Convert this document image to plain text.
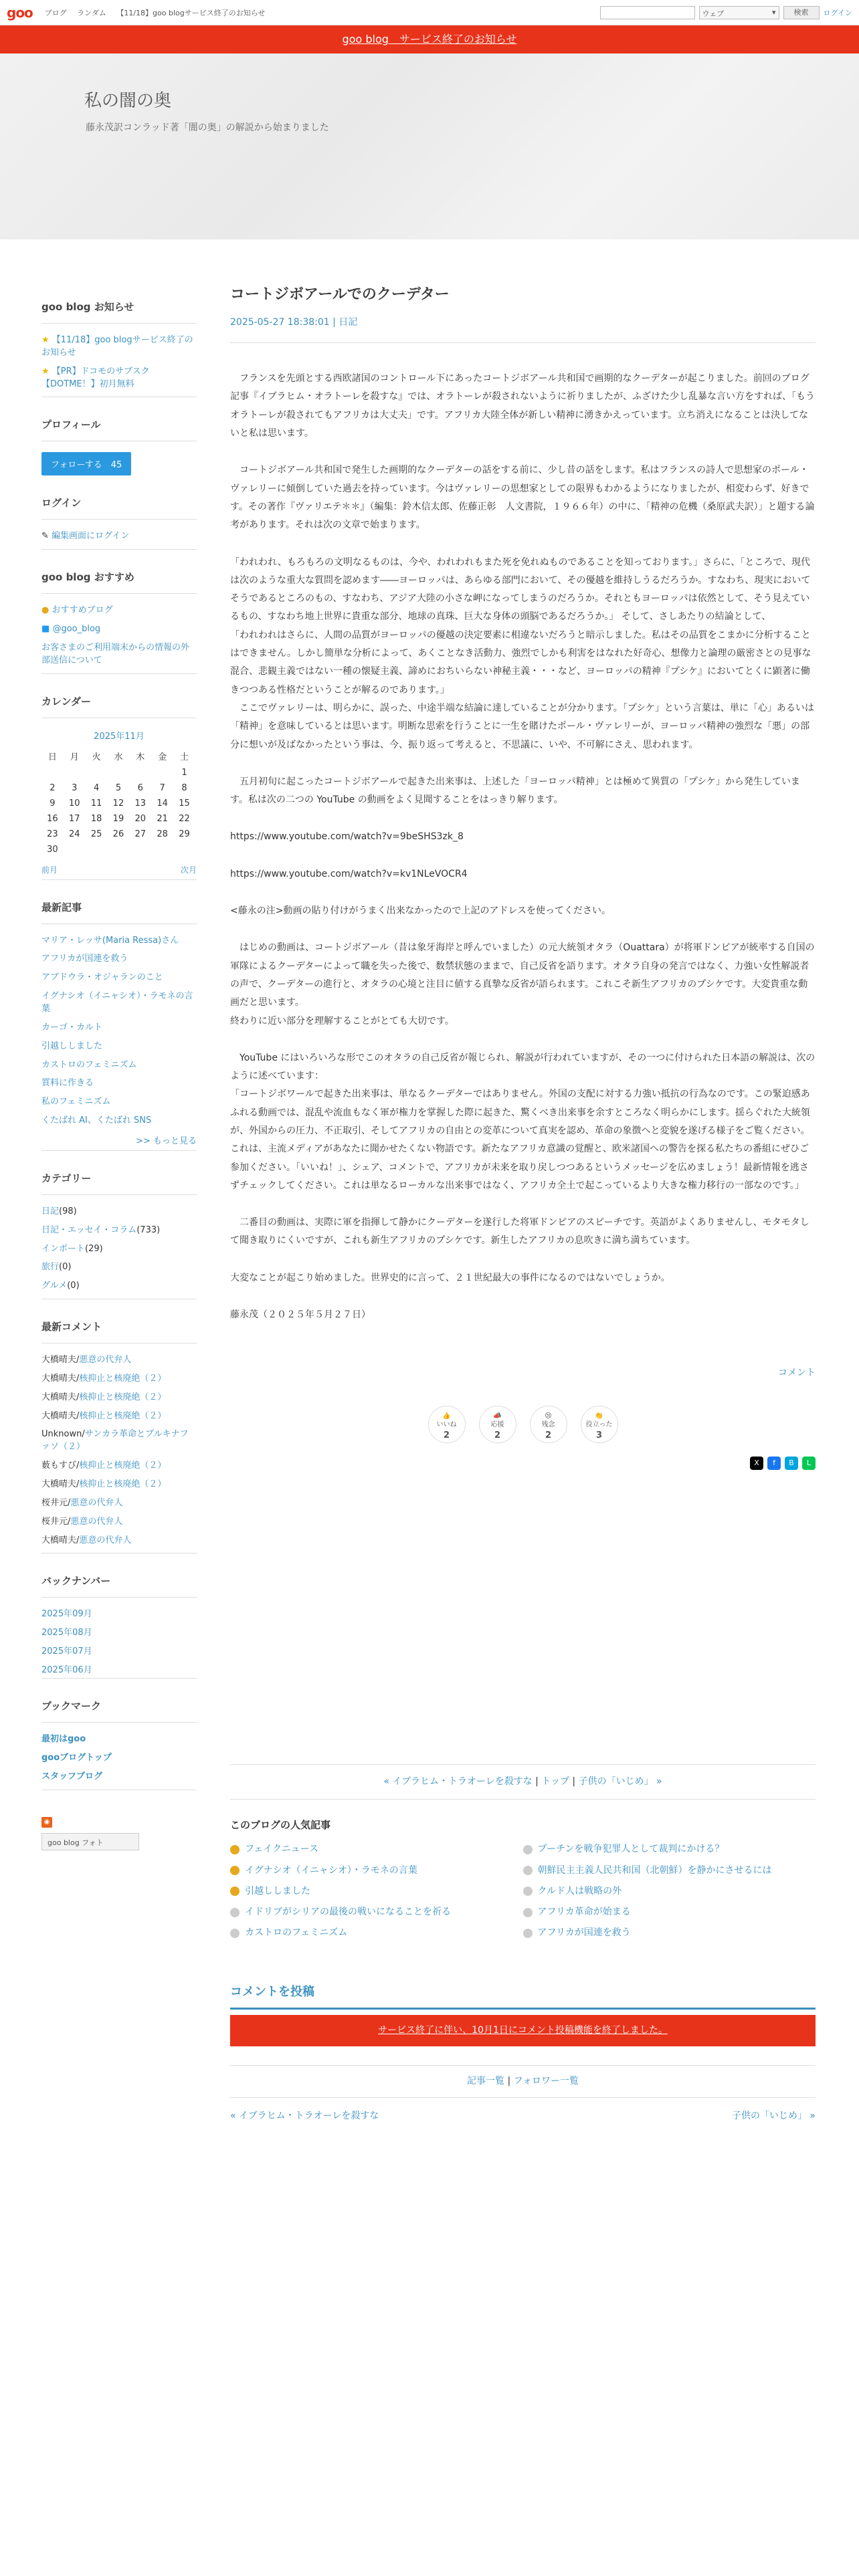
goo ブログ ランダム 【11/18】goo blogサービス終了のお知らせ	ウェブ	▾	検索	ログイン
goo blog　サービス終了のお知らせ
私の闇の奥

藤永茂訳コンラッド著「闇の奥」の解説から始まりました

goo blog お知らせ
★ 【11/18】goo blogサービス終了のお知らせ
★ 【PR】ドコモのサブスク【DOTME！】初月無料
プロフィール
フォローする　45
ログイン
✎ 編集画面にログイン
goo blog おすすめ
● おすすめブログ
■ @goo_blog
お客さまのご利用端末からの情報の外部送信について
カレンダー
2025年11月
日	月	火	水	木	金	土
						1
2	3	4	5	6	7	8
9	10	11	12	13	14	15
16	17	18	19	20	21	22
23	24	25	26	27	28	29
30						
前月	次月
最新記事
マリア・レッサ(Maria Ressa)さん
アフリカが国連を救う
アブドウラ・オジャランのこと
イグナシオ（イニャシオ）・ラモネの言葉
カーゴ・カルト
引越ししました
カストロのフェミニズム
質料に作きる
私のフェミニズム
くたばれ AI、くたばれ SNS
>> もっと見る
カテゴリー
日記(98)
日記・エッセイ・コラム(733)
インポート(29)
旅行(0)
グルメ(0)
最新コメント
大橋晴夫/悪意の代弁人
大橋晴夫/核抑止と核廃絶（２）
大橋晴夫/核抑止と核廃絶（２）
大橋晴夫/核抑止と核廃絶（２）
Unknown/サンカラ革命とブルキナファソ（２）
薮もすび/核抑止と核廃絶（２）
大橋晴夫/核抑止と核廃絶（２）
桜井元/悪意の代弁人
桜井元/悪意の代弁人
大橋晴夫/悪意の代弁人
バックナンバー
2025年09月
2025年08月
2025年07月
2025年06月
ブックマーク
最初はgoo
gooブログトップ
スタッフブログ
◉
goo blog フォト
コートジボアールでのクーデター
2025-05-27 18:38:01 | 日記

　フランスを先頭とする西欧諸国のコントロール下にあったコートジボアール共和国で画期的なクーデターが起こりました。前回のブログ記事『イブラヒム・オラトーレを殺すな』では、オラトーレが殺されないように祈りましたが、ふざけた少し乱暴な言い方をすれば、「もうオラトーレが殺されてもアフリカは大丈夫」です。アフリカ大陸全体が新しい精神に湧きかえっています。立ち消えになることは決してないと私は思います。

　コートジボアール共和国で発生した画期的なクーデターの話をする前に、少し昔の話をします。私はフランスの詩人で思想家のポール・ヴァレリーに傾倒していた過去を持っています。今はヴァレリーの思想家としての限界もわかるようになりましたが、相変わらず、好きです。その著作『ヴァリエテ＊＊』（編集：鈴木信太郎、佐藤正彰　人文書院，１９６６年）の中に、「精神の危機（桑原武夫訳）」と題する論考があります。それは次の文章で始まります。

「われわれ、もろもろの文明なるものは、今や、われわれもまた死を免れぬものであることを知っております。」さらに、「ところで、現代は次のような重大な質問を認めます――ヨーロッパは、あらゆる部門において、その優越を維持しうるだろうか。すなわち、現実においてそうであるところのもの、すなわち、アジア大陸の小さな岬になってしまうのだろうか。それともヨーロッパは依然として、そう見えているもの、すなわち地上世界に貴重な部分、地球の真珠、巨大な身体の頭脳であるだろうか。」 そして、さしあたりの結論として、
「われわれはさらに、人間の品質がヨーロッパの優越の決定要素に相違ないだろうと暗示しました。私はその品質をこまかに分析することはできません。しかし簡単な分析によって、あくことなき活動力、強烈でしかも利害をはなれた好奇心、想像力と論理の厳密さとの見事な混合、悲観主義ではない一種の懐疑主義、諦めにおちいらない神秘主義・・・など、ヨーロッパの精神『プシケ』においてとくに顕著に働きつつある性格だということが解るのであります。」
　ここでヴァレリーは、明らかに、誤った、中途半端な結論に達していることが分かります。「プシケ」という言葉は、単に「心」あるいは「精神」を意味しているとは思います。明断な思索を行うことに一生を賭けたポール・ヴァレリーが、ヨーロッパ精神の強烈な「悪」の部分に想いが及ばなかったという事は、今、振り返って考えると、不思議に、いや、不可解にさえ、思われます。

　五月初旬に起こったコートジボアールで起きた出来事は、上述した「ヨーロッパ精神」とは極めて異質の「プシケ」から発生しています。私は次の二つの YouTube の動画をよく見聞することをはっきり解ります。

https://www.youtube.com/watch?v=9beSHS3zk_8

https://www.youtube.com/watch?v=kv1NLeVOCR4

<藤永の注>動画の貼り付けがうまく出来なかったので上記のアドレスを使ってください。

　はじめの動画は、コートジボアール（昔は象牙海岸と呼んでいました）の元大統領オタラ（Ouattara）が将軍ドンピアが統率する自国の軍隊によるクーデターによって職を失った後で、数禁状態のままで、自己反省を語ります。オタラ自身の発言ではなく、力強い女性解説者の声で、クーデターの進行と、オタラの心境と注目に値する真摯な反省が語られます。これこそ新生アフリカのプシケです。大変貴重な動画だと思います。
終わりに近い部分を理解することがとても大切です。

　YouTube にはいろいろな形でこのオタラの自己反省が報じられ、解説が行われていますが、その一つに付けられた日本語の解説は、次のように述べています：
「コートジボワールで起きた出来事は、単なるクーデターではありません。外国の支配に対する力強い抵抗の行為なのです。この緊迫感あふれる動画では、混乱や流血もなく軍が権力を掌握した際に起きた、驚くべき出来事を余すところなく明らかにします。揺らぐれた大統領が、外国からの圧力、不正取引、そしてアフリカの自由との変革について真実を認め、革命の象徴へと変貌を遂げる様子をご覧ください。これは、主流メディアがあなたに聞かせたくない物語です。新たなアフリカ意識の覚醒と、欧米諸国への警告を探る私たちの番組にぜひご参加ください。「いいね！」、シェア、コメントで、アフリカが未来を取り戻しつつあるというメッセージを広めましょう！最新情報を逃さずチェックしてください。これは単なるローカルな出来事ではなく、アフリカ全土で起こっているより大きな権力移行の一部なのです。」

　二番目の動画は、実際に軍を指揮して静かにクーデターを遂行した将軍ドンピアのスピーチです。英語がよくありませんし、モタモタして聞き取りにくいですが、これも新生アフリカのプシケです。新生したアフリカの息吹きに満ち満ちています。

大変なことが起こり始めました。世界史的に言って、２１世紀最大の事件になるのではないでしょうか。

藤永茂（２０２５年５月２７日）

コメント
👍
いいね
2
📣
応援
2
😢
残念
2
👏
役立った
3
X	f	B	L
« イブラヒム・トラオーレを殺すな | トップ | 子供の「いじめ」 »
このブログの人気記事
フェイクニュース	プーチンを戦争犯罪人として裁判にかける？
イグナシオ（イニャシオ）・ラモネの言葉	朝鮮民主主義人民共和国（北朝鮮）を静かにさせるには
引越ししました	クルド人は戦略の外
イドリブがシリアの最後の戦いになることを祈る	アフリカ革命が始まる
カストロのフェミニズム	アフリカが国連を救う
コメントを投稿
サービス終了に伴い、10月1日にコメント投稿機能を終了しました。
記事一覧 | フォロワー一覧
« イブラヒム・トラオーレを殺すな	子供の「いじめ」 »
